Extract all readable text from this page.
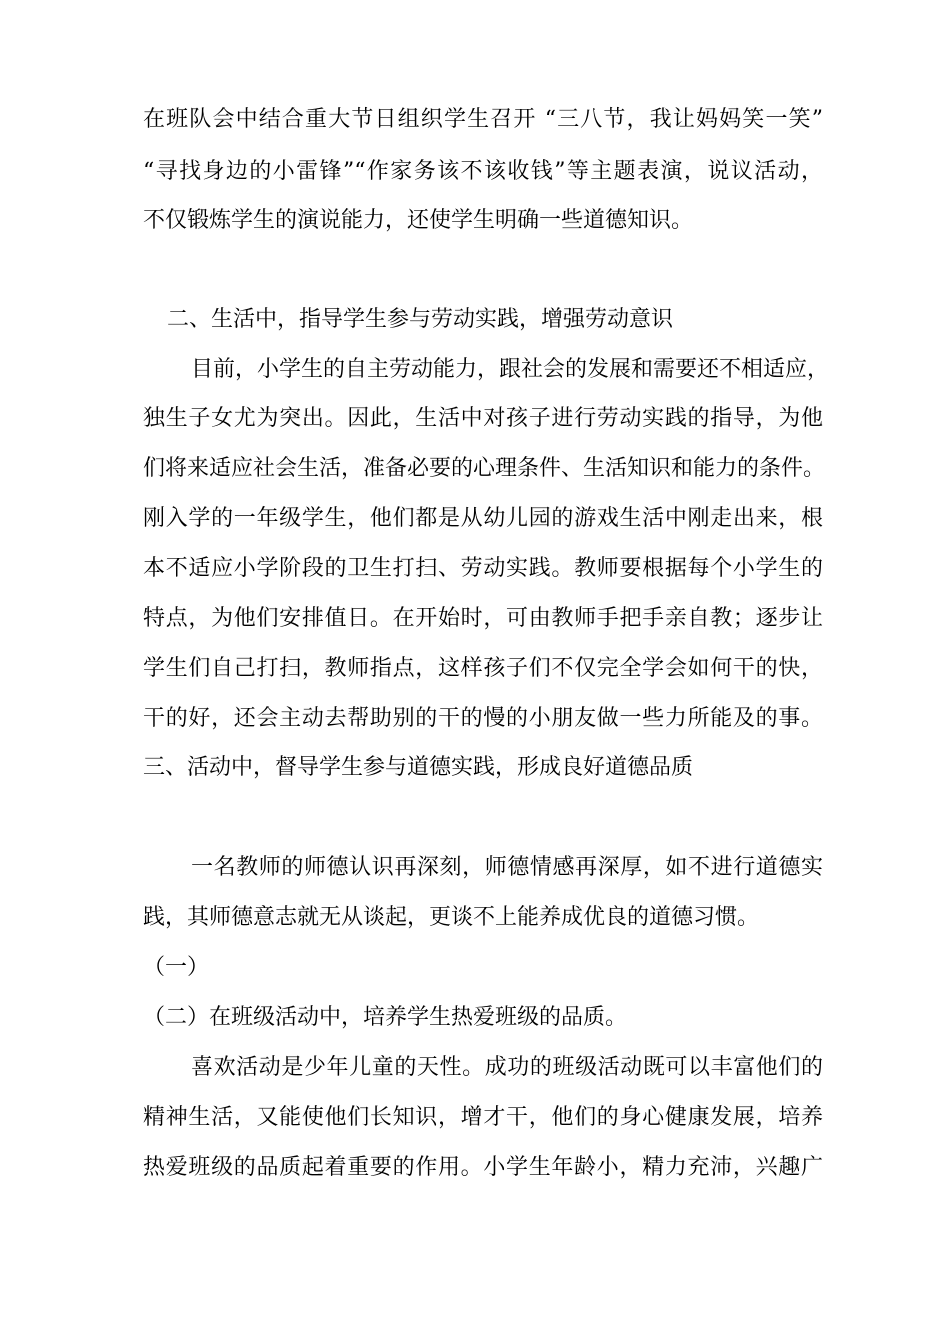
在班队会中结合重大节日组织学生召开 “三八节，我让妈妈笑一笑”
“寻找身边的小雷锋”“作家务该不该收钱”等主题表演，说议活动，
不仅锻炼学生的演说能力，还使学生明确一些道德知识。
二、生活中，指导学生参与劳动实践，增强劳动意识
目前，小学生的自主劳动能力，跟社会的发展和需要还不相适应，
独生子女尤为突出。因此，生活中对孩子进行劳动实践的指导，为他
们将来适应社会生活，准备必要的心理条件、生活知识和能力的条件。
刚入学的一年级学生，他们都是从幼儿园的游戏生活中刚走出来，根
本不适应小学阶段的卫生打扫、劳动实践。教师要根据每个小学生的
特点，为他们安排值日。在开始时，可由教师手把手亲自教；逐步让
学生们自己打扫，教师指点，这样孩子们不仅完全学会如何干的快，
干的好，还会主动去帮助别的干的慢的小朋友做一些力所能及的事。
三、活动中，督导学生参与道德实践，形成良好道德品质
一名教师的师德认识再深刻，师德情感再深厚，如不进行道德实
践，其师德意志就无从谈起，更谈不上能养成优良的道德习惯。
（一）
（二）在班级活动中，培养学生热爱班级的品质。
喜欢活动是少年儿童的天性。成功的班级活动既可以丰富他们的
精神生活，又能使他们长知识，增才干，他们的身心健康发展，培养
热爱班级的品质起着重要的作用。小学生年龄小，精力充沛，兴趣广
